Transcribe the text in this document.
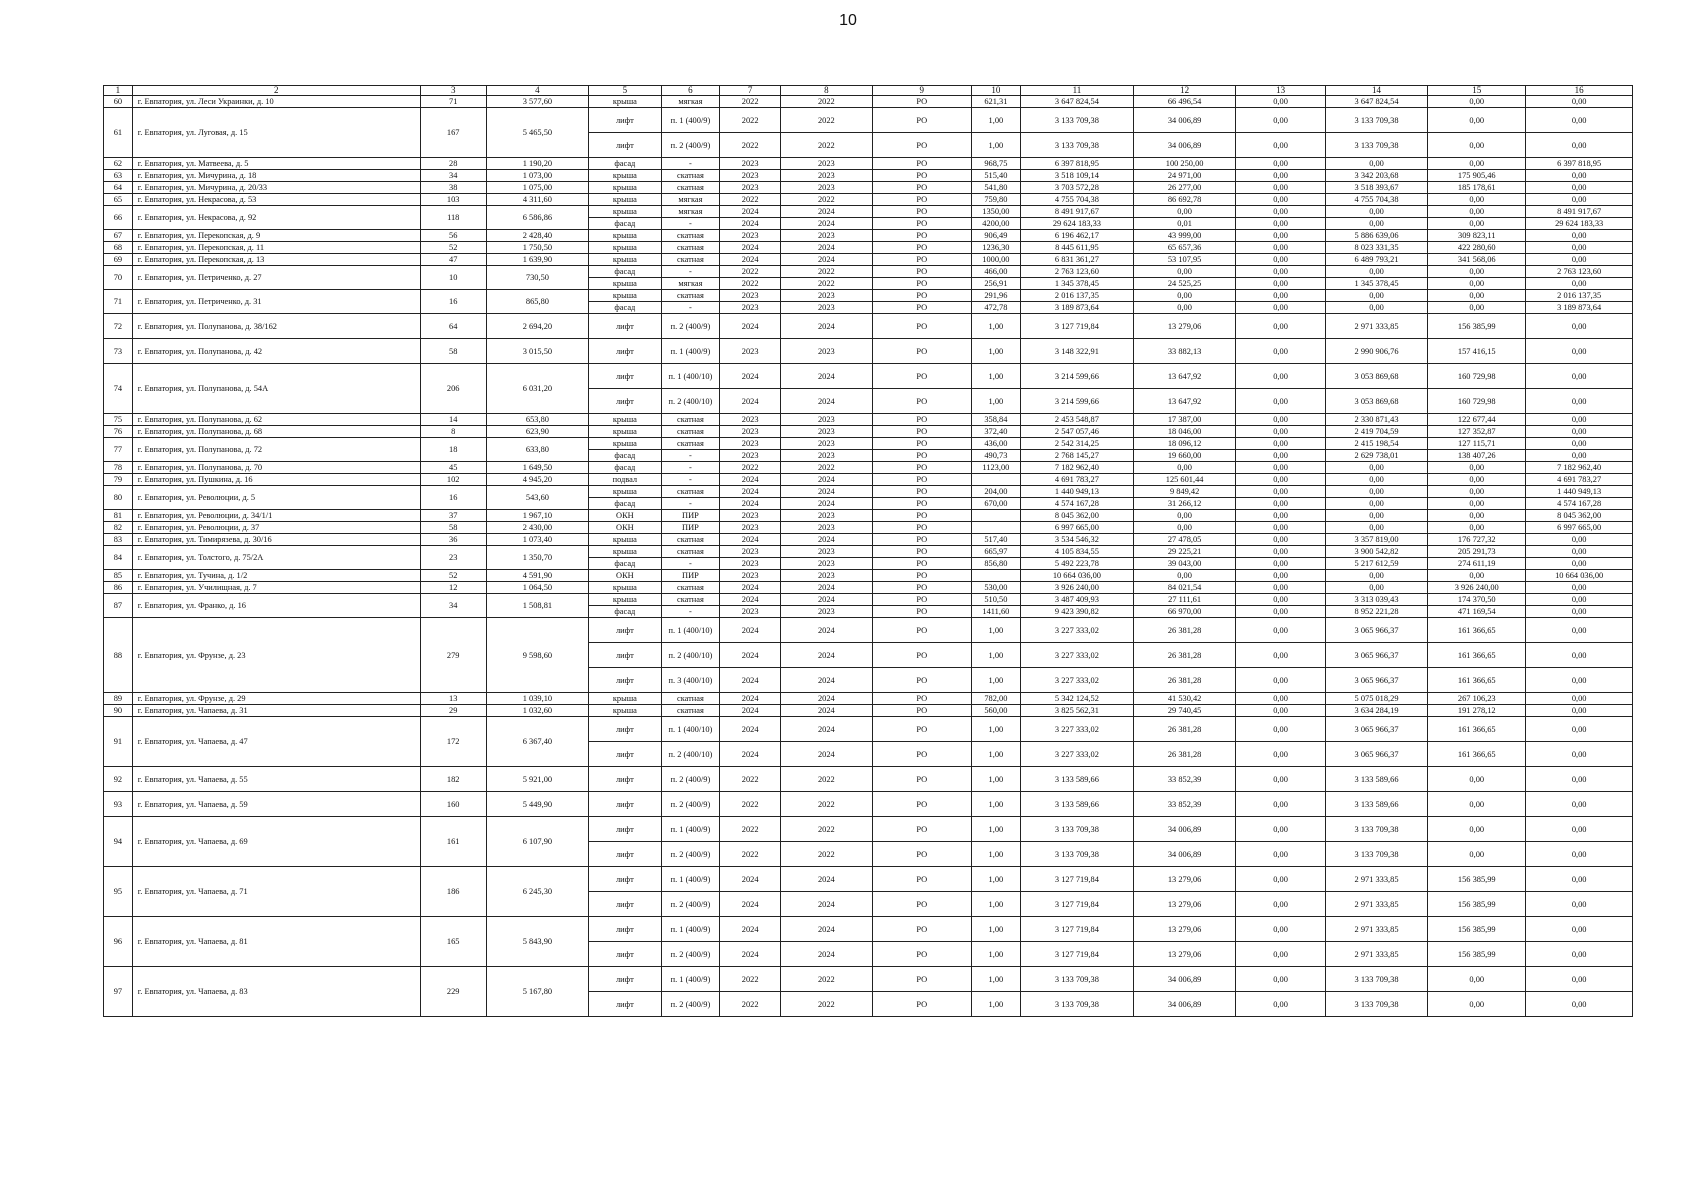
10
1	2	3	4	5	6	7	8	9	10	11	12	13	14	15	16
60	г. Евпатория, ул. Леси Украинки, д. 10	71	3 577,60	крыша	мягкая	2022	2022	РО	621,31	3 647 824,54	66 496,54	0,00	3 647 824,54	0,00	0,00
61	г. Евпатория, ул. Луговая, д. 15	167	5 465,50	лифт	п. 1 (400/9)	2022	2022	РО	1,00	3 133 709,38	34 006,89	0,00	3 133 709,38	0,00	0,00
				лифт	п. 2 (400/9)	2022	2022	РО	1,00	3 133 709,38	34 006,89	0,00	3 133 709,38	0,00	0,00
62	г. Евпатория, ул. Матвеева, д. 5	28	1 190,20	фасад	-	2023	2023	РО	968,75	6 397 818,95	100 250,00	0,00	0,00	0,00	6 397 818,95
63	г. Евпатория, ул. Мичурина, д. 18	34	1 073,00	крыша	скатная	2023	2023	РО	515,40	3 518 109,14	24 971,00	0,00	3 342 203,68	175 905,46	0,00
64	г. Евпатория, ул. Мичурина, д. 20/33	38	1 075,00	крыша	скатная	2023	2023	РО	541,80	3 703 572,28	26 277,00	0,00	3 518 393,67	185 178,61	0,00
65	г. Евпатория, ул. Некрасова, д. 53	103	4 311,60	крыша	мягкая	2022	2022	РО	759,80	4 755 704,38	86 692,78	0,00	4 755 704,38	0,00	0,00
66	г. Евпатория, ул. Некрасова, д. 92	118	6 586,86	крыша	мягкая	2024	2024	РО	1350,00	8 491 917,67	0,00	0,00	0,00	0,00	8 491 917,67
				фасад	-	2024	2024	РО	4200,00	29 624 183,33	0,01	0,00	0,00	0,00	29 624 183,33
67	г. Евпатория, ул. Перекопская, д. 9	56	2 428,40	крыша	скатная	2023	2023	РО	906,49	6 196 462,17	43 999,00	0,00	5 886 639,06	309 823,11	0,00
68	г. Евпатория, ул. Перекопская, д. 11	52	1 750,50	крыша	скатная	2024	2024	РО	1236,30	8 445 611,95	65 657,36	0,00	8 023 331,35	422 280,60	0,00
69	г. Евпатория, ул. Перекопская, д. 13	47	1 639,90	крыша	скатная	2024	2024	РО	1000,00	6 831 361,27	53 107,95	0,00	6 489 793,21	341 568,06	0,00
70	г. Евпатория, ул. Петриченко, д. 27	10	730,50	фасад	-	2022	2022	РО	466,00	2 763 123,60	0,00	0,00	0,00	0,00	2 763 123,60
				крыша	мягкая	2022	2022	РО	256,91	1 345 378,45	24 525,25	0,00	1 345 378,45	0,00	0,00
71	г. Евпатория, ул. Петриченко, д. 31	16	865,80	крыша	скатная	2023	2023	РО	291,96	2 016 137,35	0,00	0,00	0,00	0,00	2 016 137,35
				фасад	-	2023	2023	РО	472,78	3 189 873,64	0,00	0,00	0,00	0,00	3 189 873,64
72	г. Евпатория, ул. Полупанова, д. 38/162	64	2 694,20	лифт	п. 2 (400/9)	2024	2024	РО	1,00	3 127 719,84	13 279,06	0,00	2 971 333,85	156 385,99	0,00
73	г. Евпатория, ул. Полупанова, д. 42	58	3 015,50	лифт	п. 1 (400/9)	2023	2023	РО	1,00	3 148 322,91	33 882,13	0,00	2 990 906,76	157 416,15	0,00
74	г. Евпатория, ул. Полупанова, д. 54А	206	6 031,20	лифт	п. 1 (400/10)	2024	2024	РО	1,00	3 214 599,66	13 647,92	0,00	3 053 869,68	160 729,98	0,00
				лифт	п. 2 (400/10)	2024	2024	РО	1,00	3 214 599,66	13 647,92	0,00	3 053 869,68	160 729,98	0,00
75	г. Евпатория, ул. Полупанова, д. 62	14	653,80	крыша	скатная	2023	2023	РО	358,84	2 453 548,87	17 387,00	0,00	2 330 871,43	122 677,44	0,00
76	г. Евпатория, ул. Полупанова, д. 68	8	623,90	крыша	скатная	2023	2023	РО	372,40	2 547 057,46	18 046,00	0,00	2 419 704,59	127 352,87	0,00
77	г. Евпатория, ул. Полупанова, д. 72	18	633,80	крыша	скатная	2023	2023	РО	436,00	2 542 314,25	18 096,12	0,00	2 415 198,54	127 115,71	0,00
				фасад	-	2023	2023	РО	490,73	2 768 145,27	19 660,00	0,00	2 629 738,01	138 407,26	0,00
78	г. Евпатория, ул. Полупанова, д. 70	45	1 649,50	фасад	-	2022	2022	РО	1123,00	7 182 962,40	0,00	0,00	0,00	0,00	7 182 962,40
79	г. Евпатория, ул. Пушкина, д. 16	102	4 945,20	подвал	-	2024	2024	РО		4 691 783,27	125 601,44	0,00	0,00	0,00	4 691 783,27
80	г. Евпатория, ул. Революции, д. 5	16	543,60	крыша	скатная	2024	2024	РО	204,00	1 440 949,13	9 849,42	0,00	0,00	0,00	1 440 949,13
				фасад	-	2024	2024	РО	670,00	4 574 167,28	31 266,12	0,00	0,00	0,00	4 574 167,28
81	г. Евпатория, ул. Революции, д. 34/1/1	37	1 967,10	ОКН	ПИР	2023	2023	РО		8 045 362,00	0,00	0,00	0,00	0,00	8 045 362,00
82	г. Евпатория, ул. Революции, д. 37	58	2 430,00	ОКН	ПИР	2023	2023	РО		6 997 665,00	0,00	0,00	0,00	0,00	6 997 665,00
83	г. Евпатория, ул. Тимирязева, д. 30/16	36	1 073,40	крыша	скатная	2024	2024	РО	517,40	3 534 546,32	27 478,05	0,00	3 357 819,00	176 727,32	0,00
84	г. Евпатория, ул. Толстого, д. 75/2А	23	1 350,70	крыша	скатная	2023	2023	РО	665,97	4 105 834,55	29 225,21	0,00	3 900 542,82	205 291,73	0,00
				фасад	-	2023	2023	РО	856,80	5 492 223,78	39 043,00	0,00	5 217 612,59	274 611,19	0,00
85	г. Евпатория, ул. Тучина, д. 1/2	52	4 591,90	ОКН	ПИР	2023	2023	РО		10 664 036,00	0,00	0,00	0,00	0,00	10 664 036,00
86	г. Евпатория, ул. Училищная, д. 7	12	1 064,50	крыша	скатная	2024	2024	РО	530,00	3 926 240,00	84 021,54	0,00	0,00	3 926 240,00	0,00
87	г. Евпатория, ул. Франко, д. 16	34	1 508,81	крыша	скатная	2024	2024	РО	510,50	3 487 409,93	27 111,61	0,00	3 313 039,43	174 370,50	0,00
				фасад	-	2023	2023	РО	1411,60	9 423 390,82	66 970,00	0,00	8 952 221,28	471 169,54	0,00
88	г. Евпатория, ул. Фрунзе, д. 23	279	9 598,60	лифт	п. 1 (400/10)	2024	2024	РО	1,00	3 227 333,02	26 381,28	0,00	3 065 966,37	161 366,65	0,00
				лифт	п. 2 (400/10)	2024	2024	РО	1,00	3 227 333,02	26 381,28	0,00	3 065 966,37	161 366,65	0,00
				лифт	п. 3 (400/10)	2024	2024	РО	1,00	3 227 333,02	26 381,28	0,00	3 065 966,37	161 366,65	0,00
89	г. Евпатория, ул. Фрунзе, д. 29	13	1 039,10	крыша	скатная	2024	2024	РО	782,00	5 342 124,52	41 530,42	0,00	5 075 018,29	267 106,23	0,00
90	г. Евпатория, ул. Чапаева, д. 31	29	1 032,60	крыша	скатная	2024	2024	РО	560,00	3 825 562,31	29 740,45	0,00	3 634 284,19	191 278,12	0,00
91	г. Евпатория, ул. Чапаева, д. 47	172	6 367,40	лифт	п. 1 (400/10)	2024	2024	РО	1,00	3 227 333,02	26 381,28	0,00	3 065 966,37	161 366,65	0,00
				лифт	п. 2 (400/10)	2024	2024	РО	1,00	3 227 333,02	26 381,28	0,00	3 065 966,37	161 366,65	0,00
92	г. Евпатория, ул. Чапаева, д. 55	182	5 921,00	лифт	п. 2 (400/9)	2022	2022	РО	1,00	3 133 589,66	33 852,39	0,00	3 133 589,66	0,00	0,00
93	г. Евпатория, ул. Чапаева, д. 59	160	5 449,90	лифт	п. 2 (400/9)	2022	2022	РО	1,00	3 133 589,66	33 852,39	0,00	3 133 589,66	0,00	0,00
94	г. Евпатория, ул. Чапаева, д. 69	161	6 107,90	лифт	п. 1 (400/9)	2022	2022	РО	1,00	3 133 709,38	34 006,89	0,00	3 133 709,38	0,00	0,00
				лифт	п. 2 (400/9)	2022	2022	РО	1,00	3 133 709,38	34 006,89	0,00	3 133 709,38	0,00	0,00
95	г. Евпатория, ул. Чапаева, д. 71	186	6 245,30	лифт	п. 1 (400/9)	2024	2024	РО	1,00	3 127 719,84	13 279,06	0,00	2 971 333,85	156 385,99	0,00
				лифт	п. 2 (400/9)	2024	2024	РО	1,00	3 127 719,84	13 279,06	0,00	2 971 333,85	156 385,99	0,00
96	г. Евпатория, ул. Чапаева, д. 81	165	5 843,90	лифт	п. 1 (400/9)	2024	2024	РО	1,00	3 127 719,84	13 279,06	0,00	2 971 333,85	156 385,99	0,00
				лифт	п. 2 (400/9)	2024	2024	РО	1,00	3 127 719,84	13 279,06	0,00	2 971 333,85	156 385,99	0,00
97	г. Евпатория, ул. Чапаева, д. 83	229	5 167,80	лифт	п. 1 (400/9)	2022	2022	РО	1,00	3 133 709,38	34 006,89	0,00	3 133 709,38	0,00	0,00
				лифт	п. 2 (400/9)	2022	2022	РО	1,00	3 133 709,38	34 006,89	0,00	3 133 709,38	0,00	0,00
